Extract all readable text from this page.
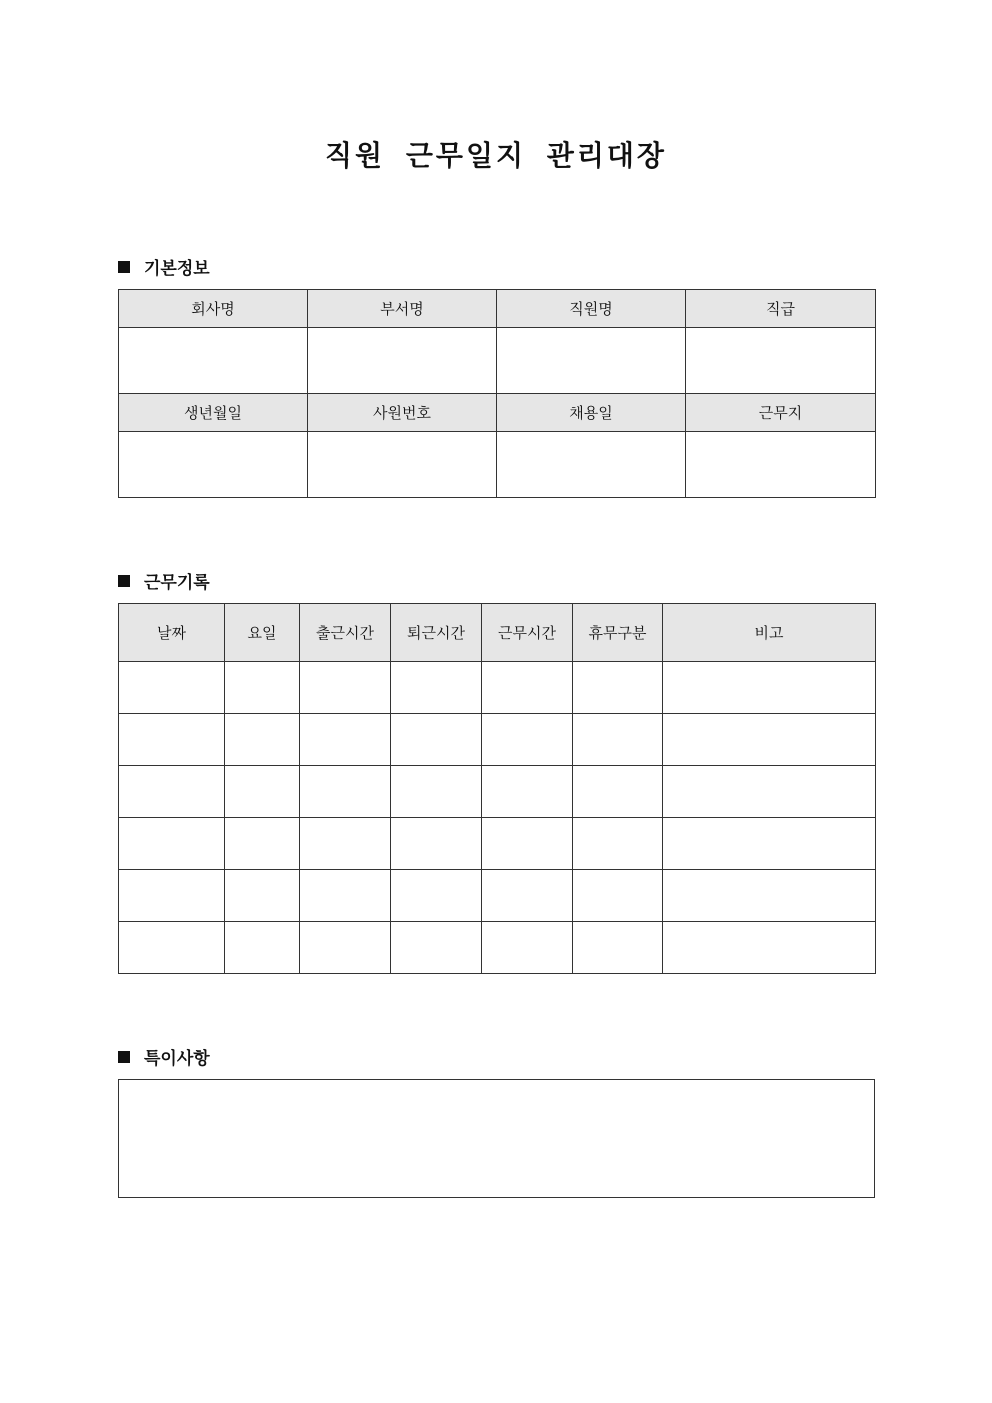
직원 근무일지 관리대장
기본정보
회사명	부서명	직원명	직급

생년월일	사원번호	채용일	근무지

근무기록
날짜	요일	출근시간	퇴근시간	근무시간	휴무구분	비고

특이사항
